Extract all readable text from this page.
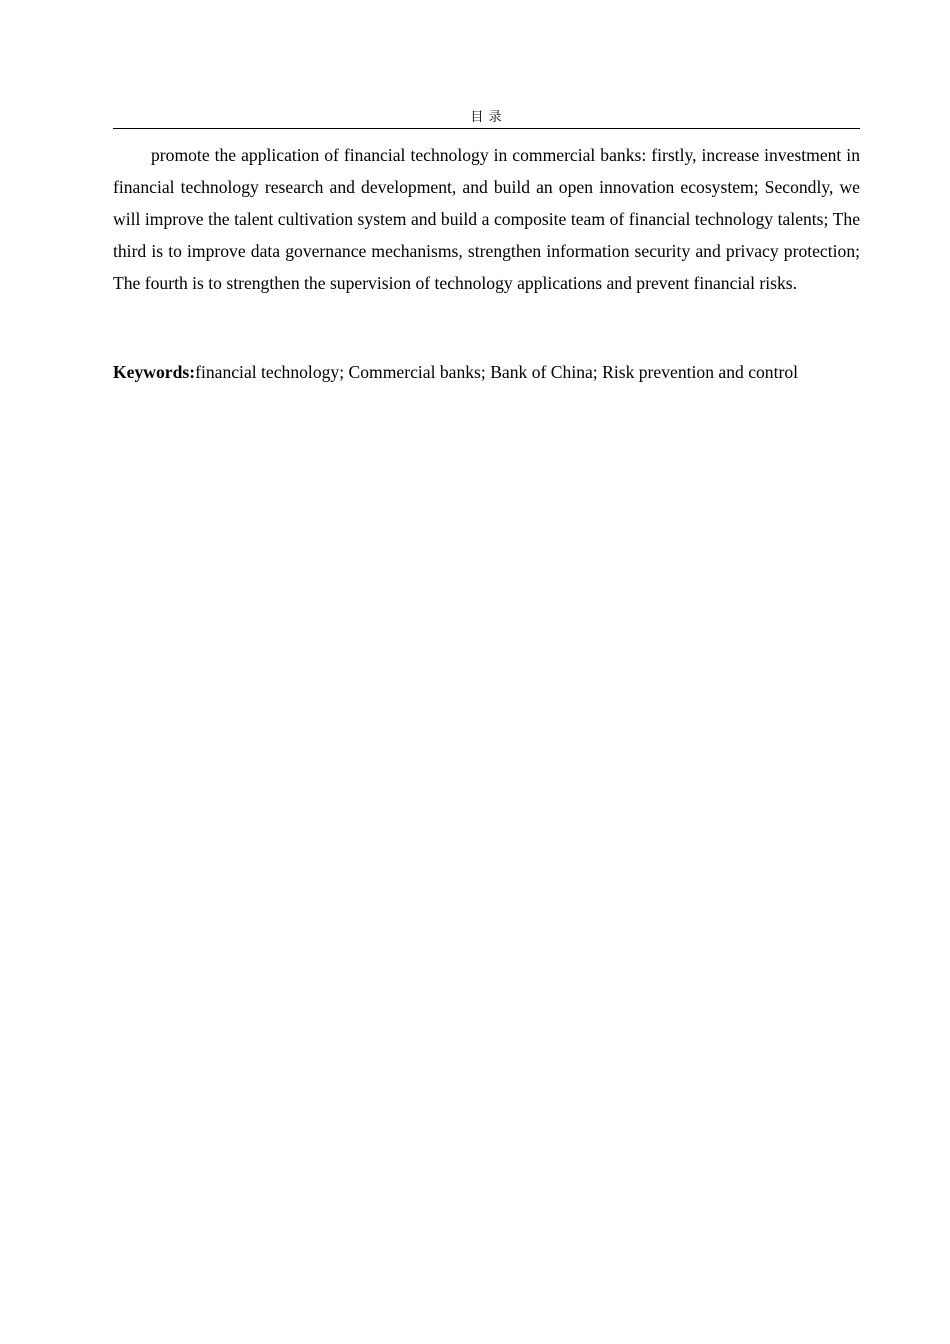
目 录

promote the application of financial technology in commercial banks: firstly, increase investment in financial technology research and development, and build an open innovation ecosystem; Secondly, we will improve the talent cultivation system and build a composite team of financial technology talents; The third is to improve data governance mechanisms, strengthen information security and privacy protection; The fourth is to strengthen the supervision of technology applications and prevent financial risks.

Keywords:financial technology; Commercial banks; Bank of China; Risk prevention and control
